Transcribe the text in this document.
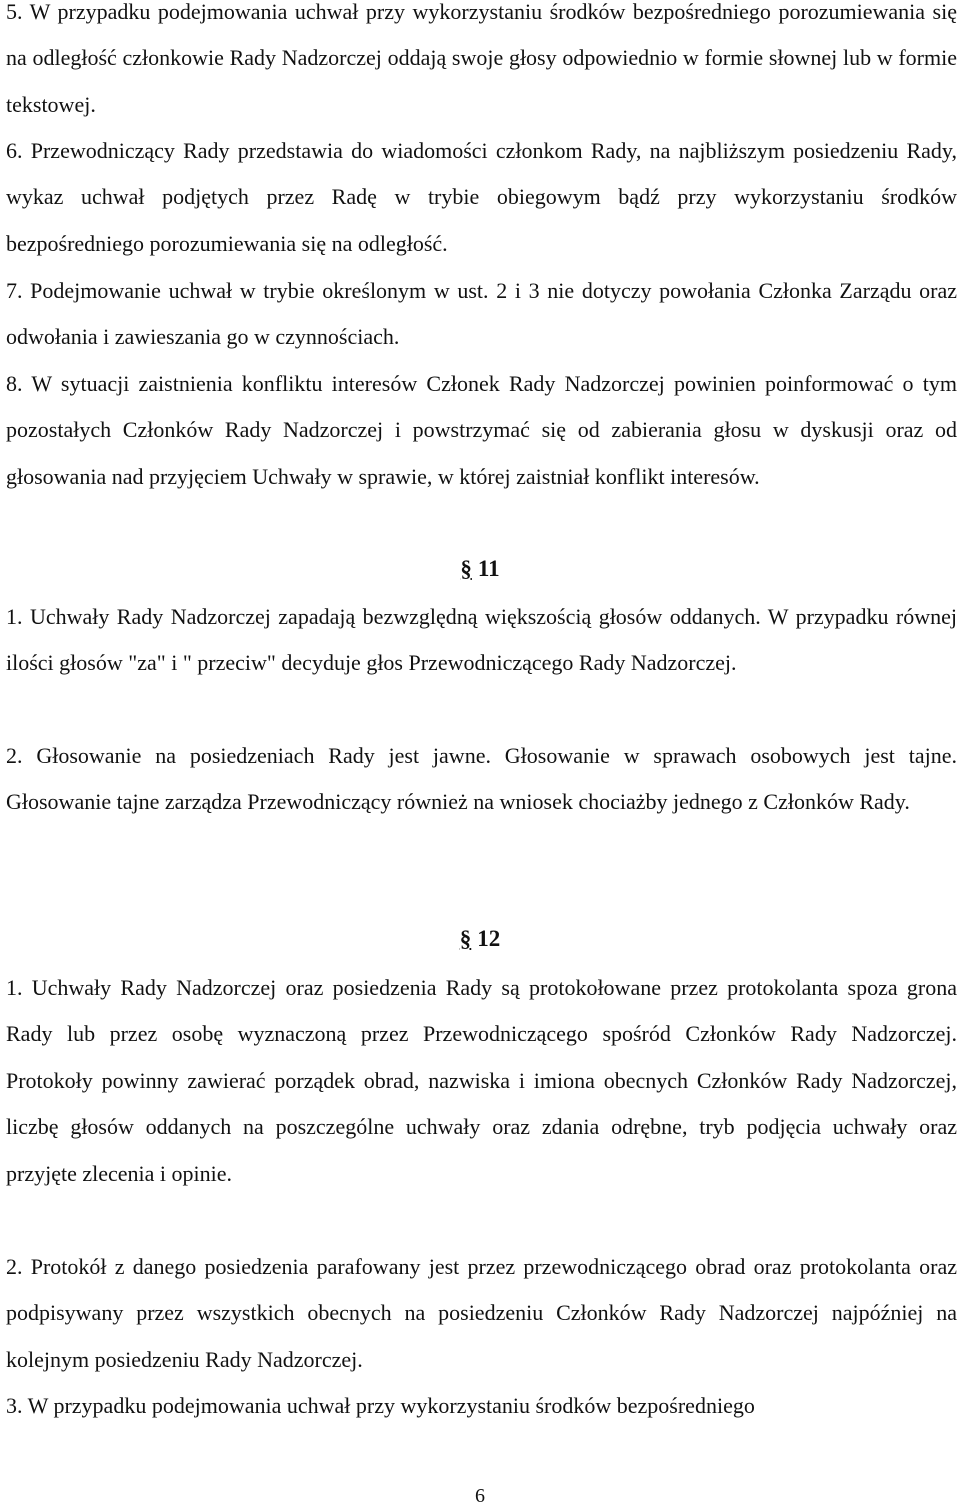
5. W przypadku podejmowania uchwał przy wykorzystaniu środków bezpośredniego porozumiewania się na odległość członkowie Rady Nadzorczej oddają swoje głosy odpowiednio w formie słownej lub w formie tekstowej.

6. Przewodniczący Rady przedstawia do wiadomości członkom Rady, na najbliższym posiedzeniu Rady, wykaz uchwał podjętych przez Radę w trybie obiegowym bądź przy wykorzystaniu środków bezpośredniego porozumiewania się na odległość.

7. Podejmowanie uchwał w trybie określonym w ust. 2 i 3 nie dotyczy powołania Członka Zarządu oraz odwołania i zawieszania go w czynnościach.

8. W sytuacji zaistnienia konfliktu interesów Członek Rady Nadzorczej powinien poinformować o tym pozostałych Członków Rady Nadzorczej i powstrzymać się od zabierania głosu w dyskusji oraz od głosowania nad przyjęciem Uchwały w sprawie, w której zaistniał konflikt interesów.

§ 11

1. Uchwały Rady Nadzorczej zapadają bezwzględną większością głosów oddanych. W przypadku równej ilości głosów "za" i " przeciw" decyduje głos Przewodniczącego Rady Nadzorczej.

2. Głosowanie na posiedzeniach Rady jest jawne. Głosowanie w sprawach osobowych jest tajne. Głosowanie tajne zarządza Przewodniczący również na wniosek chociażby jednego z Członków Rady.

§ 12

1. Uchwały Rady Nadzorczej oraz posiedzenia Rady są protokołowane przez protokolanta spoza grona Rady lub przez osobę wyznaczoną przez Przewodniczącego spośród Członków Rady Nadzorczej. Protokoły powinny zawierać porządek obrad, nazwiska i imiona obecnych Członków Rady Nadzorczej, liczbę głosów oddanych na poszczególne uchwały oraz zdania odrębne, tryb podjęcia uchwały oraz przyjęte zlecenia i opinie.

2. Protokół z danego posiedzenia parafowany jest przez przewodniczącego obrad oraz protokolanta oraz podpisywany przez wszystkich obecnych na posiedzeniu Członków Rady Nadzorczej najpóźniej na kolejnym posiedzeniu Rady Nadzorczej.

3. W przypadku podejmowania uchwał przy wykorzystaniu środków bezpośredniego

6
